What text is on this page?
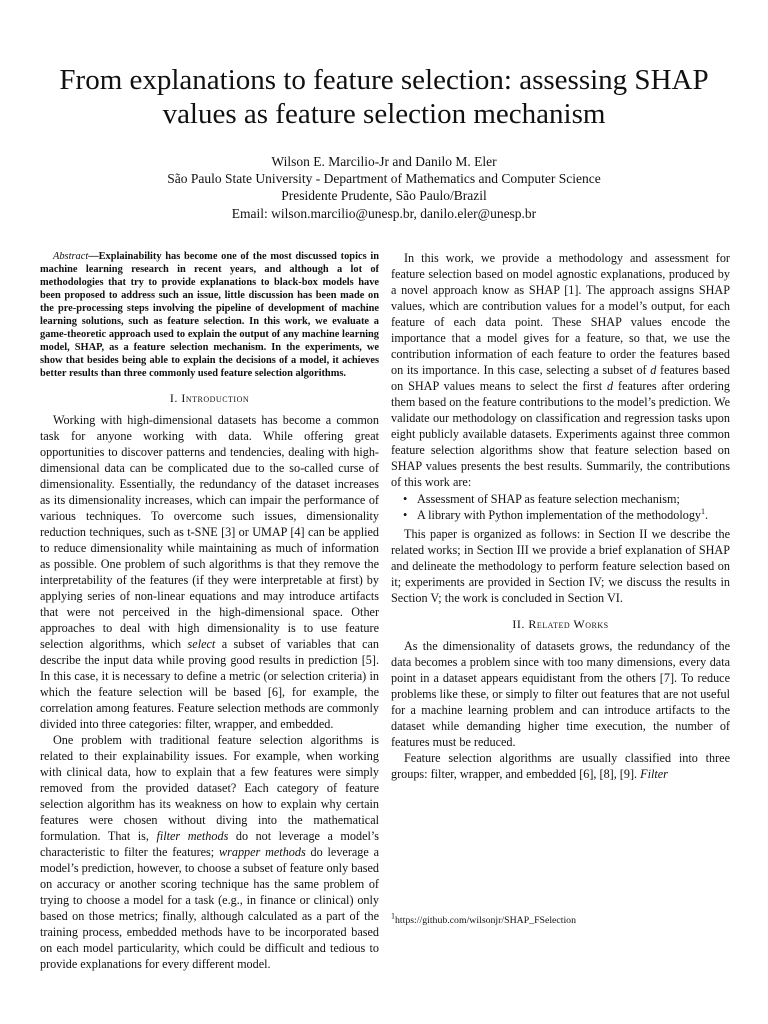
From explanations to feature selection: assessing SHAP values as feature selection mechanism
Wilson E. Marcilio-Jr and Danilo M. Eler
São Paulo State University - Department of Mathematics and Computer Science
Presidente Prudente, São Paulo/Brazil
Email: wilson.marcilio@unesp.br, danilo.eler@unesp.br

Abstract—Explainability has become one of the most discussed topics in machine learning research in recent years, and although a lot of methodologies that try to provide explanations to black-box models have been proposed to address such an issue, little discussion has been made on the pre-processing steps involving the pipeline of development of machine learning solutions, such as feature selection. In this work, we evaluate a game-theoretic approach used to explain the output of any machine learning model, SHAP, as a feature selection mechanism. In the experiments, we show that besides being able to explain the decisions of a model, it achieves better results than three commonly used feature selection algorithms.

I. Introduction

Working with high-dimensional datasets has become a common task for anyone working with data. While offering great opportunities to discover patterns and tendencies, dealing with high-dimensional data can be complicated due to the so-called curse of dimensionality. Essentially, the redundancy of the dataset increases as its dimensionality increases, which can impair the performance of various techniques. To overcome such issues, dimensionality reduction techniques, such as t-SNE [3] or UMAP [4] can be applied to reduce dimensionality while maintaining as much of information as possible. One problem of such algorithms is that they remove the interpretability of the features (if they were interpretable at first) by applying series of non-linear equations and may introduce artifacts that were not perceived in the high-dimensional space. Other approaches to deal with high dimensionality is to use feature selection algorithms, which select a subset of variables that can describe the input data while proving good results in prediction [5]. In this case, it is necessary to define a metric (or selection criteria) in which the feature selection will be based [6], for example, the correlation among features. Feature selection methods are commonly divided into three categories: filter, wrapper, and embedded.

One problem with traditional feature selection algorithms is related to their explainability issues. For example, when working with clinical data, how to explain that a few features were simply removed from the provided dataset? Each category of feature selection algorithm has its weakness on how to explain why certain features were chosen without diving into the mathematical formulation. That is, filter methods do not leverage a model’s characteristic to filter the features; wrapper methods do leverage a model’s prediction, however, to choose a subset of feature only based on accuracy or another scoring technique has the same problem of trying to choose a model for a task (e.g., in finance or clinical) only based on those metrics; finally, although calculated as a part of the training process, embedded methods have to be incorporated based on each model particularity, which could be difficult and tedious to provide explanations for every different model.

In this work, we provide a methodology and assessment for feature selection based on model agnostic explanations, produced by a novel approach know as SHAP [1]. The approach assigns SHAP values, which are contribution values for a model’s output, for each feature of each data point. These SHAP values encode the importance that a model gives for a feature, so that, we use the contribution information of each feature to order the features based on its importance. In this case, selecting a subset of d features based on SHAP values means to select the first d features after ordering them based on the feature contributions to the model’s prediction. We validate our methodology on classification and regression tasks upon eight publicly available datasets. Experiments against three common feature selection algorithms show that feature selection based on SHAP values presents the best results. Summarily, the contributions of this work are:

• Assessment of SHAP as feature selection mechanism;
• A library with Python implementation of the methodology$^1$.

This paper is organized as follows: in Section II we describe the related works; in Section III we provide a brief explanation of SHAP and delineate the methodology to perform feature selection based on it; experiments are provided in Section IV; we discuss the results in Section V; the work is concluded in Section VI.

II. Related Works

As the dimensionality of datasets grows, the redundancy of the data becomes a problem since with too many dimensions, every data point in a dataset appears equidistant from the others [7]. To reduce problems like these, or simply to filter out features that are not useful for a machine learning problem and can introduce artifacts to the dataset while demanding higher time execution, the number of features must be reduced.

Feature selection algorithms are usually classified into three groups: filter, wrapper, and embedded [6], [8], [9]. Filter

$^1$https://github.com/wilsonjr/SHAP_FSelection
